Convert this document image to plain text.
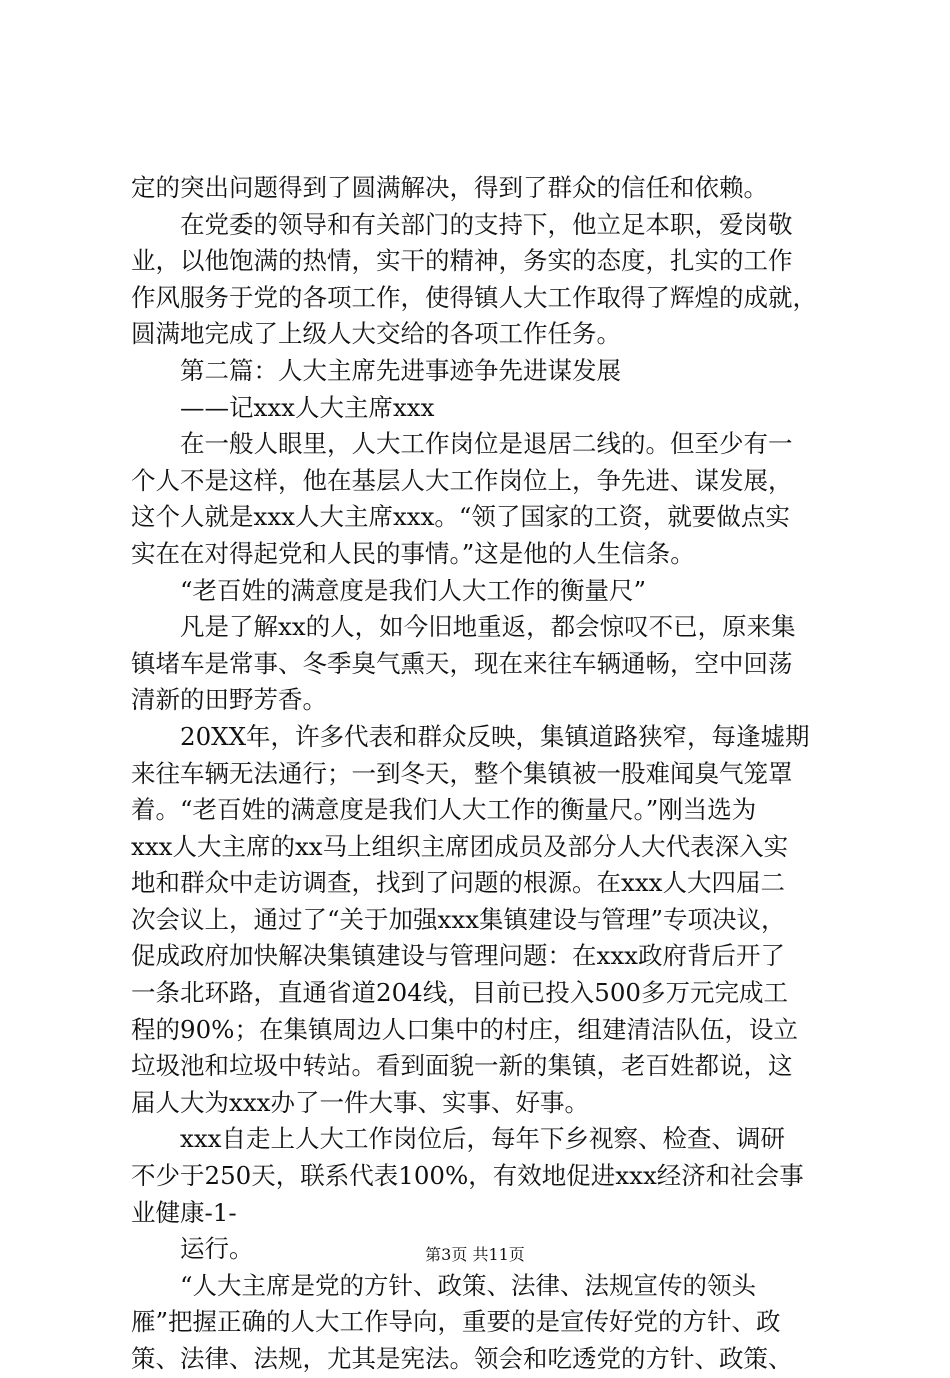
定的突出问题得到了圆满解决，得到了群众的信任和依赖。
在党委的领导和有关部门的支持下，他立足本职，爱岗敬
业，以他饱满的热情，实干的精神，务实的态度，扎实的工作
作风服务于党的各项工作，使得镇人大工作取得了辉煌的成就，
圆满地完成了上级人大交给的各项工作任务。
第二篇：人大主席先进事迹争先进谋发展
——记xxx人大主席xxx
在一般人眼里，人大工作岗位是退居二线的。但至少有一
个人不是这样，他在基层人大工作岗位上，争先进、谋发展，
这个人就是xxx人大主席xxx。“领了国家的工资，就要做点实
实在在对得起党和人民的事情。”这是他的人生信条。
“老百姓的满意度是我们人大工作的衡量尺”
凡是了解xx的人，如今旧地重返，都会惊叹不已，原来集
镇堵车是常事、冬季臭气熏天，现在来往车辆通畅，空中回荡
清新的田野芳香。
20XX年，许多代表和群众反映，集镇道路狭窄，每逢墟期
来往车辆无法通行；一到冬天，整个集镇被一股难闻臭气笼罩
着。“老百姓的满意度是我们人大工作的衡量尺。”刚当选为
xxx人大主席的xx马上组织主席团成员及部分人大代表深入实
地和群众中走访调查，找到了问题的根源。在xxx人大四届二
次会议上，通过了“关于加强xxx集镇建设与管理”专项决议，
促成政府加快解决集镇建设与管理问题：在xxx政府背后开了
一条北环路，直通省道204线，目前已投入500多万元完成工
程的90%；在集镇周边人口集中的村庄，组建清洁队伍，设立
垃圾池和垃圾中转站。看到面貌一新的集镇，老百姓都说，这
届人大为xxx办了一件大事、实事、好事。
xxx自走上人大工作岗位后，每年下乡视察、检查、调研
不少于250天，联系代表100%，有效地促进xxx经济和社会事
业健康-1-
运行。
“人大主席是党的方针、政策、法律、法规宣传的领头
雁”把握正确的人大工作导向，重要的是宣传好党的方针、政
策、法律、法规，尤其是宪法。领会和吃透党的方针、政策、
第3页 共11页
